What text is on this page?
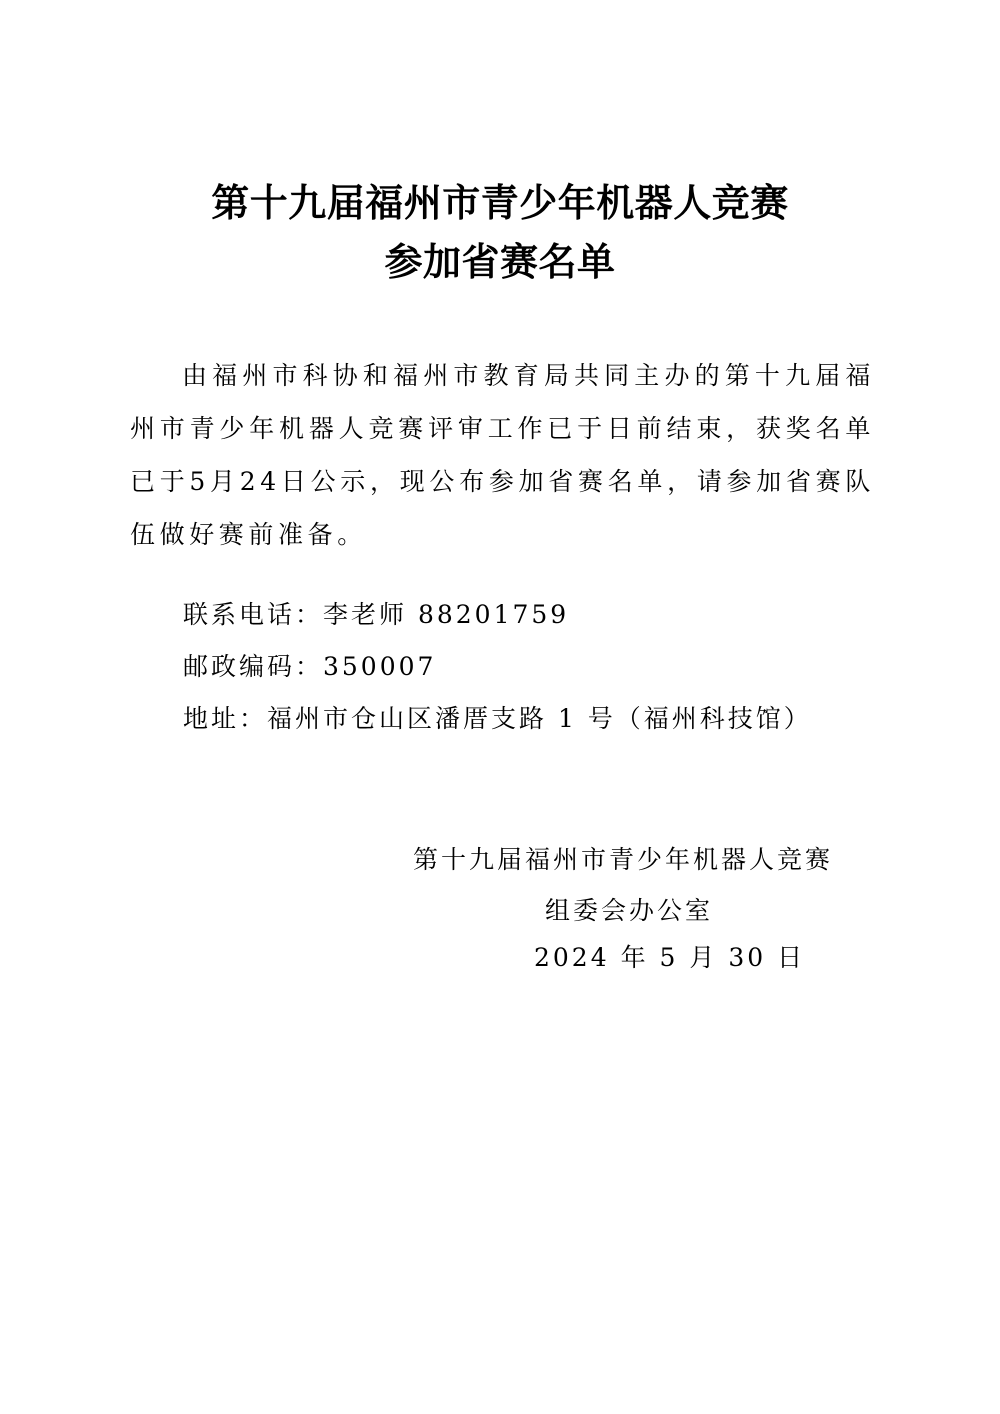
第十九届福州市青少年机器人竞赛
参加省赛名单
由福州市科协和福州市教育局共同主办的第十九届福州市青少年机器人竞赛评审工作已于日前结束，获奖名单已于5月24日公示，现公布参加省赛名单，请参加省赛队伍做好赛前准备。
联系电话：李老师 88201759
邮政编码：350007
地址：福州市仓山区潘厝支路 1 号（福州科技馆）
第十九届福州市青少年机器人竞赛
组委会办公室
2024 年 5 月 30 日
